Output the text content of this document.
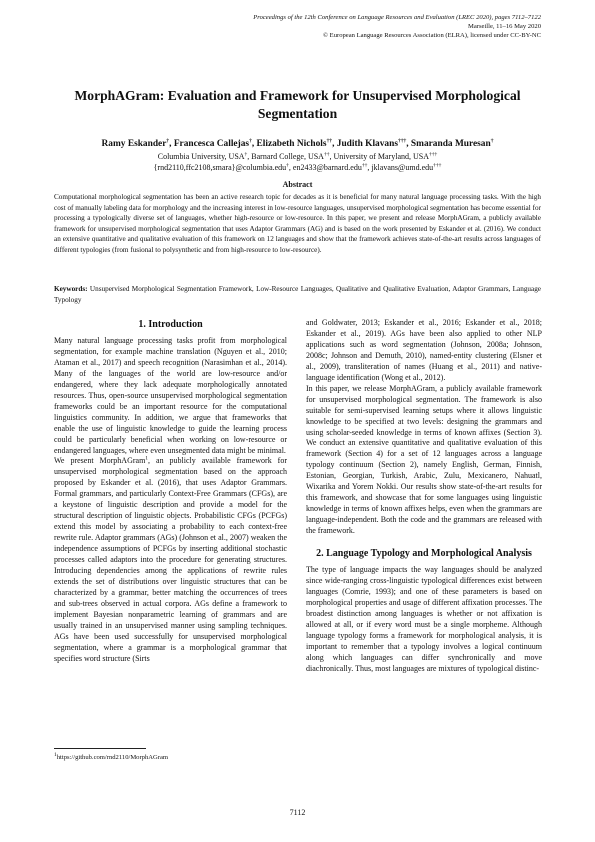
Proceedings of the 12th Conference on Language Resources and Evaluation (LREC 2020), pages 7112–7122
Marseille, 11–16 May 2020
© European Language Resources Association (ELRA), licensed under CC-BY-NC
MorphAGram: Evaluation and Framework for Unsupervised Morphological Segmentation
Ramy Eskander†, Francesca Callejas†, Elizabeth Nichols††, Judith Klavans†††, Smaranda Muresan†
Columbia University, USA†, Barnard College, USA††, University of Maryland, USA†††
{rnd2110,ffc2108,smara}@columbia.edu†, en2433@barnard.edu††, jklavans@umd.edu†††
Abstract
Computational morphological segmentation has been an active research topic for decades as it is beneficial for many natural language processing tasks. With the high cost of manually labeling data for morphology and the increasing interest in low-resource languages, unsupervised morphological segmentation has become essential for processing a typologically diverse set of languages, whether high-resource or low-resource. In this paper, we present and release MorphAGram, a publicly available framework for unsupervised morphological segmentation that uses Adaptor Grammars (AG) and is based on the work presented by Eskander et al. (2016). We conduct an extensive quantitative and qualitative evaluation of this framework on 12 languages and show that the framework achieves state-of-the-art results across languages of different typologies (from fusional to polysynthetic and from high-resource to low-resource).
Keywords: Unsupervised Morphological Segmentation Framework, Low-Resource Languages, Qualitative and Qualitative Evaluation, Adaptor Grammars, Language Typology
1. Introduction

Many natural language processing tasks profit from morphological segmentation, for example machine translation (Nguyen et al., 2010; Ataman et al., 2017) and speech recognition (Narasimhan et al., 2014). Many of the languages of the world are low-resource and/or endangered, where they lack adequate morphologically annotated resources. Thus, open-source unsupervised morphological segmentation frameworks could be an important resource for the computational linguistics community. In addition, we argue that frameworks that enable the use of linguistic knowledge to guide the learning process could be particularly beneficial when working on low-resource or endangered languages, where even unsegmented data might be minimal.

We present MorphAGram$^1$, an publicly available framework for unsupervised morphological segmentation based on the approach proposed by Eskander et al. (2016), that uses Adaptor Grammars. Formal grammars, and particularly Context-Free Grammars (CFGs), are a keystone of linguistic description and provide a model for the structural description of linguistic objects. Probabilistic CFGs (PCFGs) extend this model by associating a probability to each context-free rewrite rule. Adaptor grammars (AGs) (Johnson et al., 2007) weaken the independence assumptions of PCFGs by inserting additional stochastic processes called adaptors into the procedure for generating structures. Introducing dependencies among the applications of rewrite rules extends the set of distributions over linguistic structures that can be characterized by a grammar, better matching the occurrences of trees and sub-trees observed in actual corpora. AGs define a framework to implement Bayesian nonparametric learning of grammars and are usually trained in an unsupervised manner using sampling techniques. AGs have been used successfully for unsupervised morphological segmentation, where a grammar is a morphological grammar that specifies word structure (Sirts

and Goldwater, 2013; Eskander et al., 2016; Eskander et al., 2018; Eskander et al., 2019). AGs have been also applied to other NLP applications such as word segmentation (Johnson, 2008a; Johnson, 2008c; Johnson and Demuth, 2010), named-entity clustering (Elsner et al., 2009), transliteration of names (Huang et al., 2011) and native-language identification (Wong et al., 2012).

In this paper, we release MorphAGram, a publicly available framework for unsupervised morphological segmentation. The framework is also suitable for semi-supervised learning setups where it allows linguistic knowledge to be specified at two levels: designing the grammars and using scholar-seeded knowledge in terms of known affixes (Section 3). We conduct an extensive quantitative and qualitative evaluation of this framework (Section 4) for a set of 12 languages across a language typology continuum (Section 2), namely English, German, Finnish, Estonian, Georgian, Turkish, Arabic, Zulu, Mexicanero, Nahuatl, Wixarika and Yorem Nokki. Our results show state-of-the-art results for this framework, and showcase that for some languages using linguistic knowledge in terms of known affixes helps, even when the grammars are language-independent. Both the code and the grammars are released with the framework.

2. Language Typology and Morphological Analysis

The type of language impacts the way languages should be analyzed since wide-ranging cross-linguistic typological differences exist between languages (Comrie, 1993); and one of these parameters is based on morphological properties and usage of different affixation processes. The broadest distinction among languages is whether or not affixation is allowed at all, or if every word must be a single morpheme. Although language typology forms a framework for morphological analysis, it is important to remember that a typology involves a logical continuum along which languages can differ synchronically and move diachronically. Thus, most languages are mixtures of typological distinc-

$^1$https://github.com/rnd2110/MorphAGram
7112
